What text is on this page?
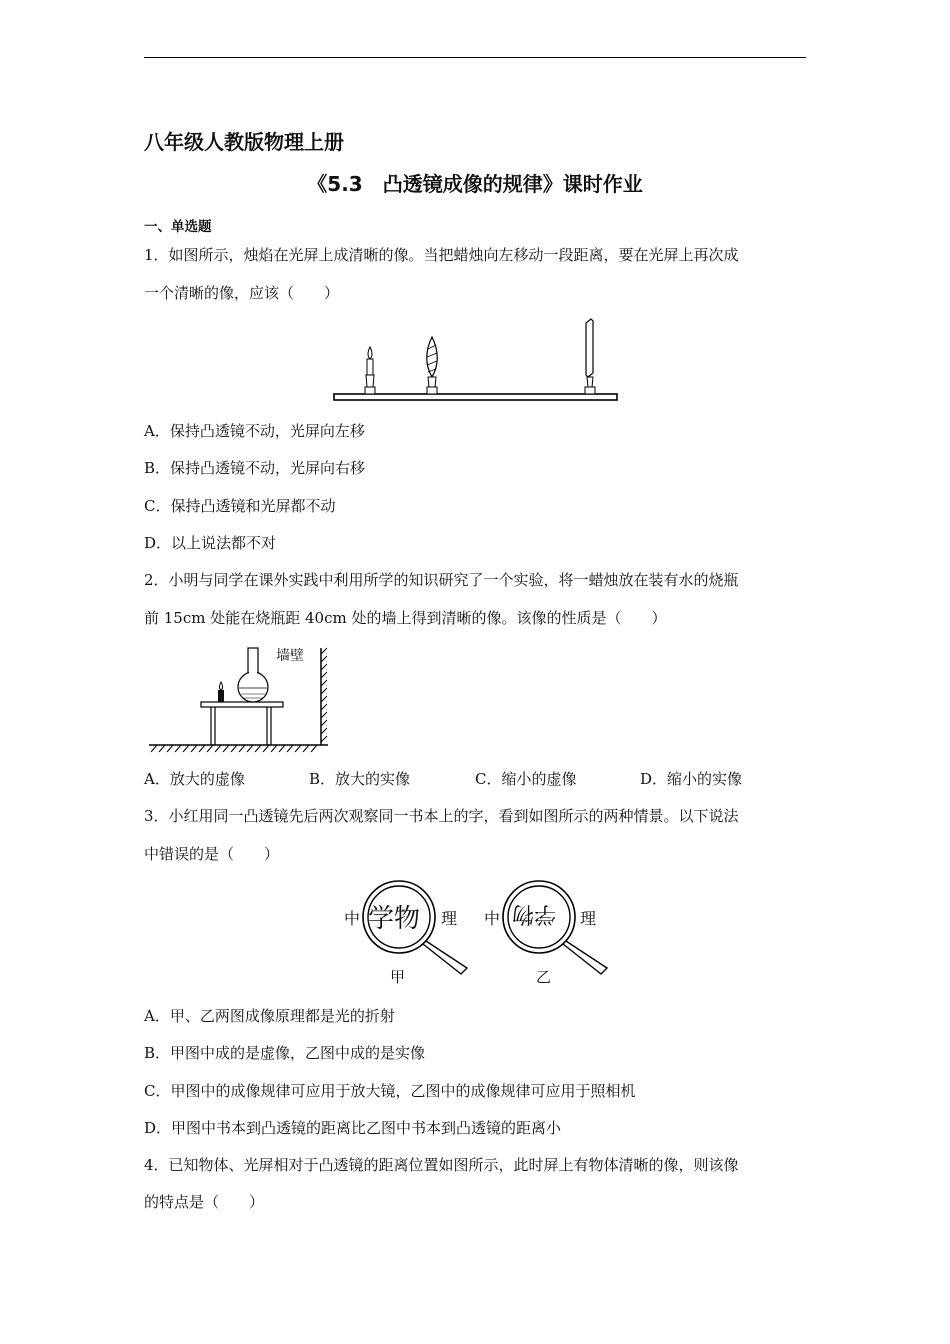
八年级人教版物理上册
《5.3　凸透镜成像的规律》课时作业
一、单选题
1．如图所示，烛焰在光屏上成清晰的像。当把蜡烛向左移动一段距离，要在光屏上再次成
一个清晰的像，应该（　　）
A．保持凸透镜不动，光屏向左移
B．保持凸透镜不动，光屏向右移
C．保持凸透镜和光屏都不动
D．以上说法都不对
2．小明与同学在课外实践中利用所学的知识研究了一个实验，将一蜡烛放在装有水的烧瓶
前 15cm 处能在烧瓶距 40cm 处的墙上得到清晰的像。该像的性质是（　　）
墙壁
A．放大的虚像	B．放大的实像	C．缩小的虚像	D．缩小的实像
3．小红用同一凸透镜先后两次观察同一书本上的字，看到如图所示的两种情景。以下说法
中错误的是（　　）
中 学物 理 中 学物 理
甲	乙
A．甲、乙两图成像原理都是光的折射
B．甲图中成的是虚像，乙图中成的是实像
C．甲图中的成像规律可应用于放大镜，乙图中的成像规律可应用于照相机
D．甲图中书本到凸透镜的距离比乙图中书本到凸透镜的距离小
4．已知物体、光屏相对于凸透镜的距离位置如图所示，此时屏上有物体清晰的像，则该像
的特点是（　　）
